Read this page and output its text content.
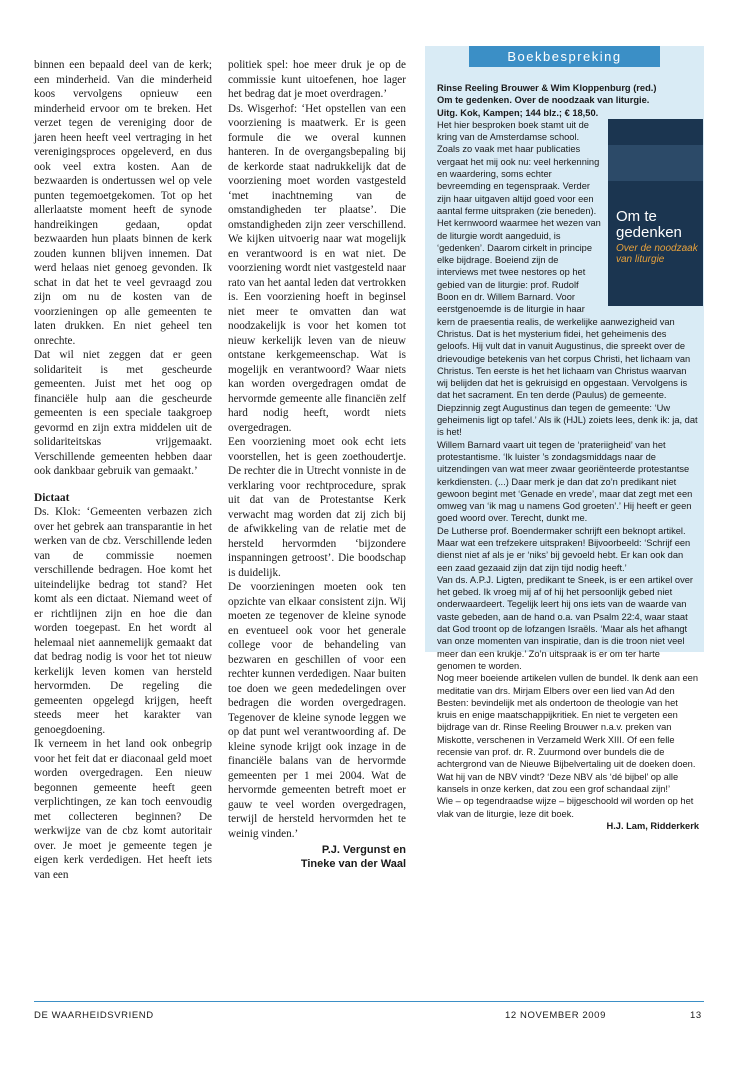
binnen een bepaald deel van de kerk; een minderheid. Van die minderheid koos vervolgens opnieuw een minderheid ervoor om te breken. Het verzet tegen de vereniging door de jaren heen heeft veel vertraging in het verenigingsproces opgeleverd, en dus ook veel extra kosten. Aan de bezwaarden is ondertussen wel op vele punten tegemoetgekomen. Tot op het allerlaatste moment heeft de synode handreikingen gedaan, opdat bezwaarden hun plaats binnen de kerk zouden kunnen blijven innemen. Dat werd helaas niet genoeg gevonden. Ik schat in dat het te veel gevraagd zou zijn om nu de kosten van de voorzieningen op alle gemeenten te laten drukken. En niet geheel ten onrechte.

Dat wil niet zeggen dat er geen solidariteit is met gescheurde gemeenten. Juist met het oog op financiële hulp aan die gescheurde gemeenten is een speciale taakgroep gevormd en zijn extra middelen uit de solidariteitskas vrijgemaakt. Verschillende gemeenten hebben daar ook dankbaar gebruik van gemaakt.’

Dictaat

Ds. Klok: ‘Gemeenten verbazen zich over het gebrek aan transparantie in het werken van de cbz. Verschillende leden van de commissie noemen verschillende bedragen. Hoe komt het uiteindelijke bedrag tot stand? Het komt als een dictaat. Niemand weet of er richtlijnen zijn en hoe die dan worden toegepast. En het wordt al helemaal niet aannemelijk gemaakt dat dat bedrag nodig is voor het tot nieuw kerkelijk leven komen van hersteld hervormden. De regeling die gemeenten opgelegd krijgen, heeft steeds meer het karakter van genoegdoening.

Ik verneem in het land ook onbegrip voor het feit dat er diaconaal geld moet worden overgedragen. Een nieuw begonnen gemeente heeft geen verplichtingen, ze kan toch eenvoudig met collecteren beginnen? De werkwijze van de cbz komt autoritair over. Je moet je gemeente tegen je eigen kerk verdedigen. Het heeft iets van een

politiek spel: hoe meer druk je op de commissie kunt uitoefenen, hoe lager het bedrag dat je moet overdragen.’

Ds. Wisgerhof: ‘Het opstellen van een voorziening is maatwerk. Er is geen formule die we overal kunnen hanteren. In de overgangsbepaling bij de kerkorde staat nadrukkelijk dat de voorziening moet worden vastgesteld ‘met inachtneming van de omstandigheden ter plaatse’. Die omstandigheden zijn zeer verschillend. We kijken uitvoerig naar wat mogelijk en verantwoord is en wat niet. De voorziening wordt niet vastgesteld naar rato van het aantal leden dat vertrokken is. Een voorziening hoeft in beginsel niet meer te omvatten dan wat noodzakelijk is voor het komen tot nieuw kerkelijk leven van de nieuw ontstane kerkgemeenschap. Wat is mogelijk en verantwoord? Waar niets kan worden overgedragen omdat de hervormde gemeente alle financiën zelf hard nodig heeft, wordt niets overgedragen.

Een voorziening moet ook echt iets voorstellen, het is geen zoethoudertje. De rechter die in Utrecht vonniste in de verklaring voor rechtprocedure, sprak uit dat van de Protestantse Kerk verwacht mag worden dat zij zich bij de afwikkeling van de relatie met de hersteld hervormden ‘bijzondere inspanningen getroost’. Die boodschap is duidelijk.

De voorzieningen moeten ook ten opzichte van elkaar consistent zijn. Wij moeten ze tegenover de kleine synode en eventueel ook voor het generale college voor de behandeling van bezwaren en geschillen of voor een rechter kunnen verdedigen. Naar buiten toe doen we geen mededelingen over bedragen die worden overgedragen. Tegenover de kleine synode leggen we op dat punt wel verantwoording af. De kleine synode krijgt ook inzage in de financiële balans van de hervormde gemeenten per 1 mei 2004. Wat de hervormde gemeenten betreft moet er gauw te veel worden overgedragen, terwijl de hersteld hervormden het te weinig vinden.’

P.J. Vergunst en
Tineke van der Waal
Boekbespreking

Rinse Reeling Brouwer & Wim Kloppenburg (red.)

Om te gedenken. Over de noodzaak van liturgie.

Uitg. Kok, Kampen; 144 blz.; € 18,50.

Om te gedenken
Over de noodzaak van liturgie

Het hier besproken boek stamt uit de kring van de Amsterdamse school. Zoals zo vaak met haar publicaties vergaat het mij ook nu: veel herkenning en waardering, soms echter bevreemding en tegenspraak. Verder zijn haar uitgaven altijd goed voor een aantal ferme uitspraken (zie beneden).

Het kernwoord waarmee het wezen van de liturgie wordt aangeduid, is ‘gedenken’. Daarom cirkelt in principe elke bijdrage. Boeiend zijn de interviews met twee nestores op het gebied van de liturgie: prof. Rudolf Boon en dr. Willem Barnard. Voor eerstgenoemde is de liturgie in haar kern de praesentia realis, de werkelijke aanwezigheid van Christus. Dat is het mysterium fidei, het geheimenis des geloofs. Hij vult dat in vanuit Augustinus, die spreekt over de drievoudige betekenis van het corpus Christi, het lichaam van Christus. Ten eerste is het het lichaam van Christus waarvan wij belijden dat het is gekruisigd en opgestaan. Vervolgens is dat het sacrament. En ten derde (Paulus) de gemeente. Diepzinnig zegt Augustinus dan tegen de gemeente: ‘Uw geheimenis ligt op tafel.’ Als ik (HJL) zoiets lees, denk ik: ja, dat is het!

Willem Barnard vaart uit tegen de ‘prateriigheid’ van het protestantisme. ‘Ik luister ’s zondagsmiddags naar de uitzendingen van wat meer zwaar georiënteerde protestantse kerkdiensten. (...) Daar merk je dan dat zo’n predikant niet gewoon begint met ‘Genade en vrede’, maar dat zegt met een omweg van ‘ik mag u namens God groeten’.’ Hij heeft er geen goed woord over. Terecht, dunkt me.

De Lutherse prof. Boendermaker schrijft een beknopt artikel. Maar wat een trefzekere uitspraken! Bijvoorbeeld: ‘Schrijf een dienst niet af als je er ‘niks’ bij gevoeld hebt. Er kan ook dan een zaad gezaaid zijn dat zijn tijd nodig heeft.’

Van ds. A.P.J. Ligten, predikant te Sneek, is er een artikel over het gebed. Ik vroeg mij af of hij het persoonlijk gebed niet onderwaardeert. Tegelijk leert hij ons iets van de waarde van vaste gebeden, aan de hand o.a. van Psalm 22:4, waar staat dat God troont op de lofzangen Israëls. ‘Maar als het afhangt van onze momenten van inspiratie, dan is die troon niet veel meer dan een krukje.’ Zo’n uitspraak is er om ter harte genomen te worden.

Nog meer boeiende artikelen vullen de bundel. Ik denk aan een meditatie van drs. Mirjam Elbers over een lied van Ad den Besten: bevindelijk met als ondertoon de theologie van het kruis en enige maatschappijkritiek. En niet te vergeten een bijdrage van dr. Rinse Reeling Brouwer n.a.v. preken van Miskotte, verschenen in Verzameld Werk XIII. Of een felle recensie van prof. dr. R. Zuurmond over bundels die de achtergrond van de Nieuwe Bijbelvertaling uit de doeken doen. Wat hij van de NBV vindt? ‘Deze NBV als ‘dé bijbel’ op alle kansels in onze kerken, dat zou een grof schandaal zijn!’

Wie – op tegendraadse wijze – bijgeschoold wil worden op het vlak van de liturgie, leze dit boek.

H.J. Lam, Ridderkerk

DE WAARHEIDSVRIEND	12 NOVEMBER 2009	13
